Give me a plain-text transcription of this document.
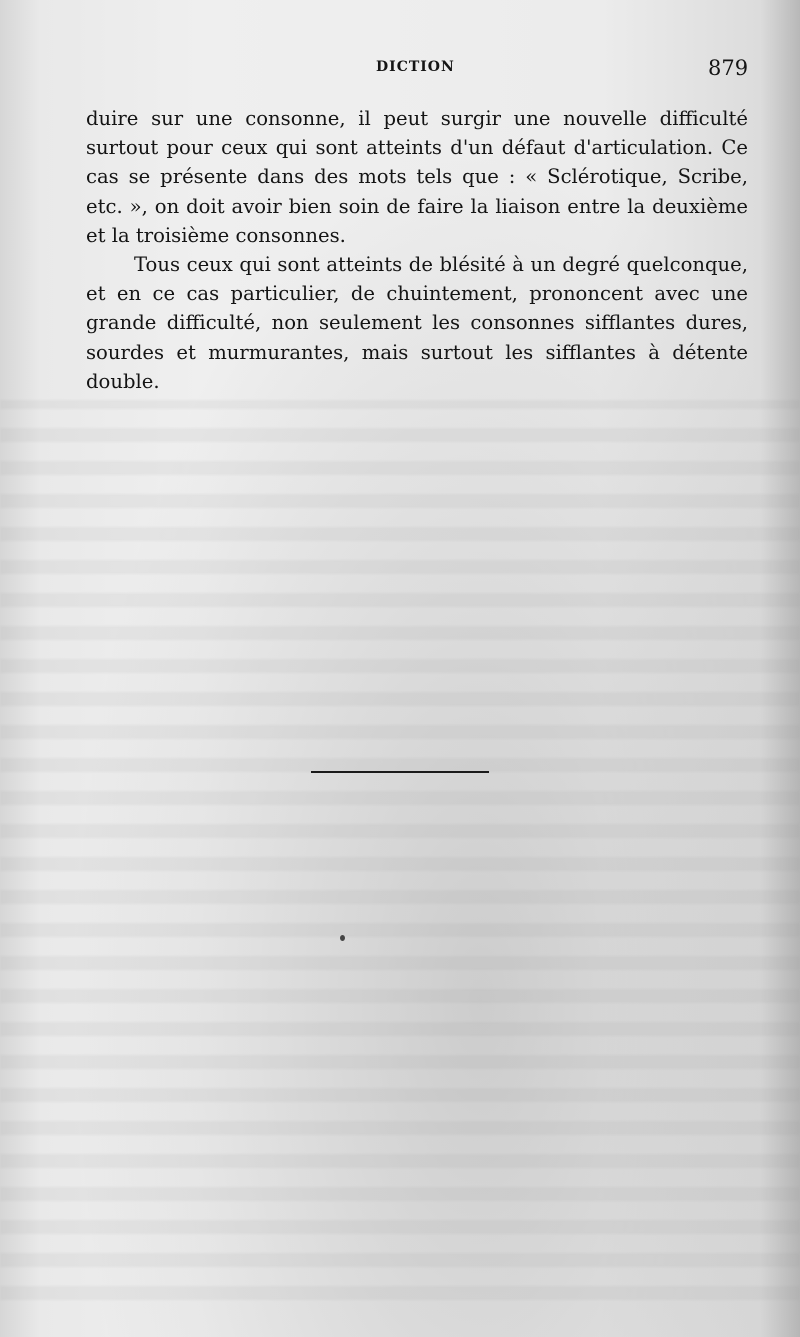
DICTION	879

duire sur une consonne, il peut surgir une nouvelle difficulté surtout pour ceux qui sont atteints d'un défaut d'articulation. Ce cas se présente dans des mots tels que : « Sclérotique, Scribe, etc. », on doit avoir bien soin de faire la liaison entre la deuxième et la troisième consonnes.

Tous ceux qui sont atteints de blésité à un degré quelconque, et en ce cas particulier, de chuintement, prononcent avec une grande difficulté, non seulement les consonnes sifflantes dures, sourdes et murmurantes, mais surtout les sifflantes à détente double.
